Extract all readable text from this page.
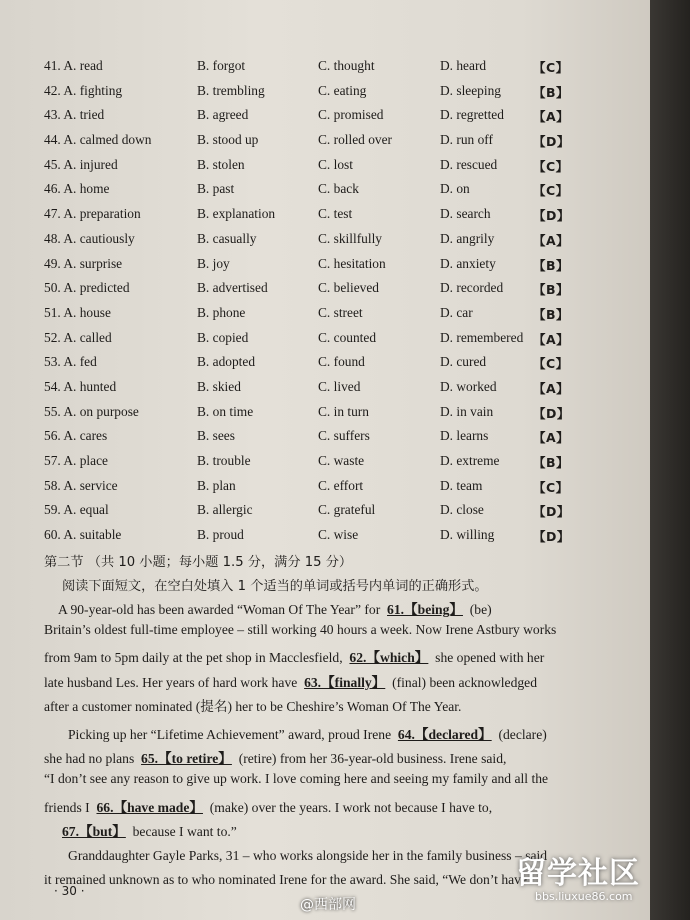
41. A. read	B. forgot	C. thought	D. heard	【C】
42. A. fighting	B. trembling	C. eating	D. sleeping	【B】
43. A. tried	B. agreed	C. promised	D. regretted 【A】
44. A. calmed down	B. stood up	C. rolled over	D. run off	【D】
45. A. injured	B. stolen	C. lost	D. rescued	【C】
46. A. home	B. past	C. back	D. on	【C】
47. A. preparation	B. explanation	C. test	D. search	【D】
48. A. cautiously	B. casually	C. skillfully	D. angrily	【A】
49. A. surprise	B. joy	C. hesitation	D. anxiety	【B】
50. A. predicted	B. advertised	C. believed	D. recorded 【B】
51. A. house	B. phone	C. street	D. car	【B】
52. A. called	B. copied	C. counted	D. remembered 【A】
53. A. fed	B. adopted	C. found	D. cured	【C】
54. A. hunted	B. skied	C. lived	D. worked	【A】
55. A. on purpose	B. on time	C. in turn	D. in vain	【D】
56. A. cares	B. sees	C. suffers	D. learns	【A】
57. A. place	B. trouble	C. waste	D. extreme	【B】
58. A. service	B. plan	C. effort	D. team	【C】
59. A. equal	B. allergic	C. grateful	D. close	【D】
60. A. suitable	B. proud	C. wise	D. willing	【D】
第二节 （共 10 小题；每小题 1.5 分，满分 15 分）
阅读下面短文，在空白处填入 1 个适当的单词或括号内单词的正确形式。
A 90-year-old has been awarded “Woman Of The Year” for 61.【being】 (be)
Britain’s oldest full-time employee – still working 40 hours a week. Now Irene Astbury works
from 9am to 5pm daily at the pet shop in Macclesfield, 62.【which】 she opened with her
late husband Les. Her years of hard work have 63.【finally】 (final) been acknowledged
after a customer nominated (提名) her to be Cheshire’s Woman Of The Year.
Picking up her “Lifetime Achievement” award, proud Irene 64.【declared】 (declare)
she had no plans 65.【to retire】 (retire) from her 36-year-old business. Irene said,
“I don’t see any reason to give up work. I love coming here and seeing my family and all the
friends I 66.【have made】 (make) over the years. I work not because I have to,
67.【but】 because I want to.”
Granddaughter Gayle Parks, 31 – who works alongside her in the family business – said
it remained unknown as to who nominated Irene for the award. She said, “We don’t have
· 30 ·	留学社区
bbs.liuxue86.com
@西部网
